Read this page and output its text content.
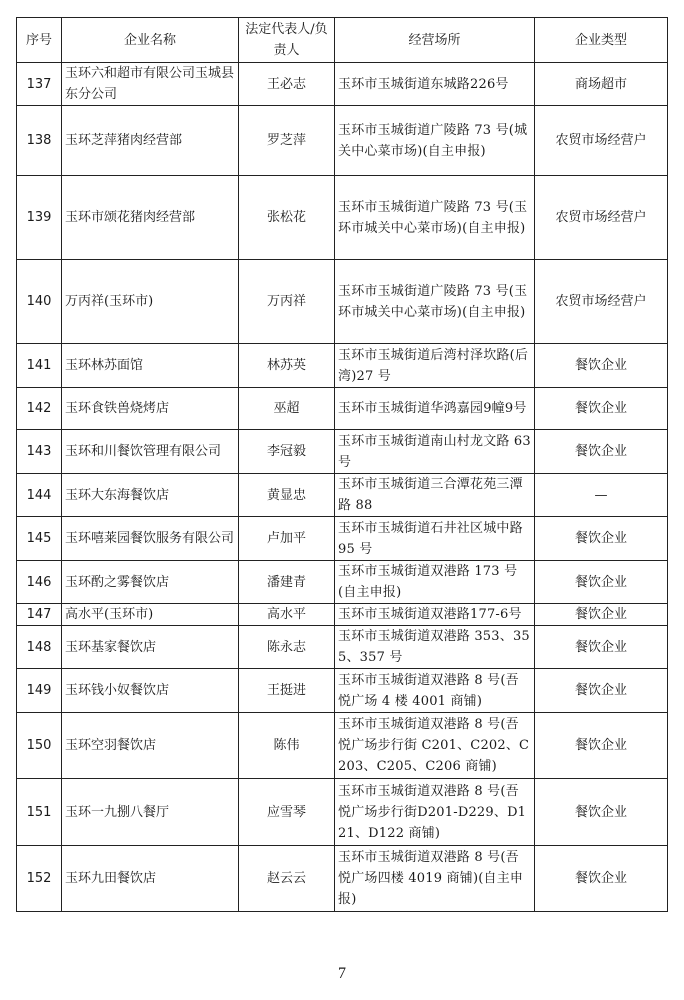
序号	企业名称	法定代表人/负责人	经营场所	企业类型
137	玉环六和超市有限公司玉城县东分公司	王必志	玉环市玉城街道东城路226号	商场超市
138	玉环芝萍猪肉经营部	罗芝萍	玉环市玉城街道广陵路 73 号(城关中心菜市场)(自主申报)	农贸市场经营户
139	玉环市颂花猪肉经营部	张松花	玉环市玉城街道广陵路 73 号(玉环市城关中心菜市场)(自主申报)	农贸市场经营户
140	万丙祥(玉环市)	万丙祥	玉环市玉城街道广陵路 73 号(玉环市城关中心菜市场)(自主申报)	农贸市场经营户
141	玉环林苏面馆	林苏英	玉环市玉城街道后湾村泽坎路(后湾)27 号	餐饮企业
142	玉环食铁兽烧烤店	巫超	玉环市玉城街道华鸿嘉园9幢9号	餐饮企业
143	玉环和川餐饮管理有限公司	李冠毅	玉环市玉城街道南山村龙文路 63 号	餐饮企业
144	玉环大东海餐饮店	黄显忠	玉环市玉城街道三合潭花苑三潭路 88	—
145	玉环嘻莱园餐饮服务有限公司	卢加平	玉环市玉城街道石井社区城中路 95 号	餐饮企业
146	玉环酌之雾餐饮店	潘建青	玉环市玉城街道双港路 173 号(自主申报)	餐饮企业
147	高水平(玉环市)	高水平	玉环市玉城街道双港路177-6号	餐饮企业
148	玉环基家餐饮店	陈永志	玉环市玉城街道双港路 353、355、357 号	餐饮企业
149	玉环钱小奴餐饮店	王挺进	玉环市玉城街道双港路 8 号(吾悦广场 4 楼 4001 商铺)	餐饮企业
150	玉环空羽餐饮店	陈伟	玉环市玉城街道双港路 8 号(吾悦广场步行街 C201、C202、C203、C205、C206 商铺)	餐饮企业
151	玉环一九捌八餐厅	应雪琴	玉环市玉城街道双港路 8 号(吾悦广场步行街D201-D229、D121、D122 商铺)	餐饮企业
152	玉环九田餐饮店	赵云云	玉环市玉城街道双港路 8 号(吾悦广场四楼 4019 商铺)(自主申报)	餐饮企业
7
